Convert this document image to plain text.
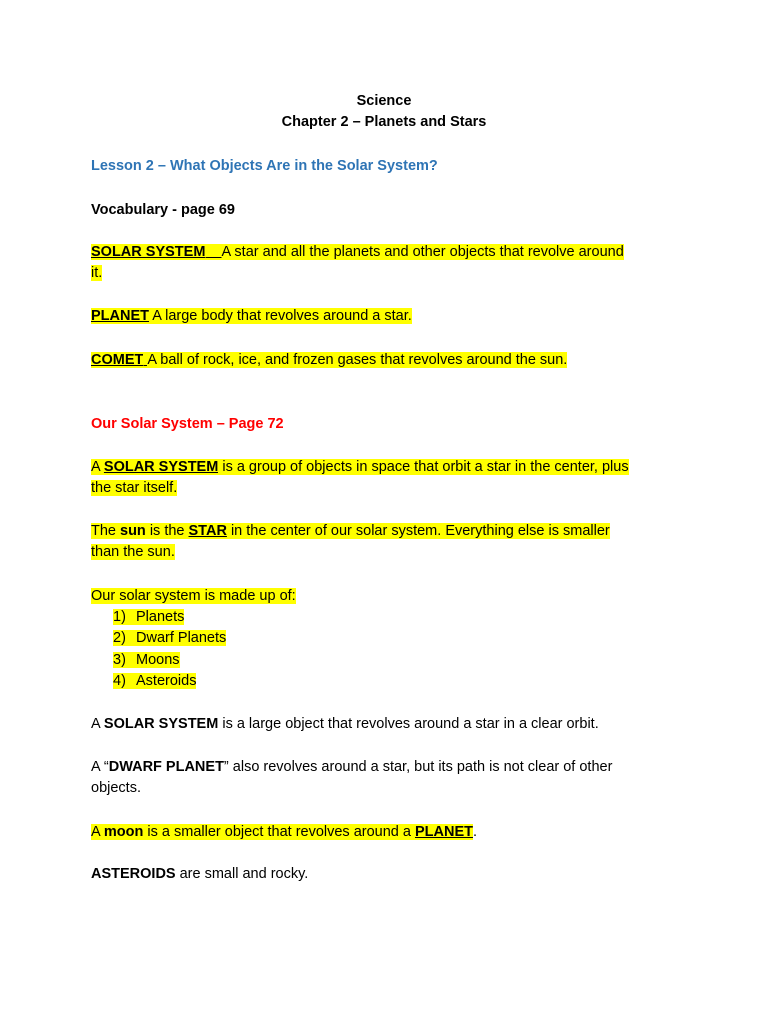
Science
Chapter 2 – Planets and Stars
Lesson 2 – What Objects Are in the Solar System?
Vocabulary - page 69
SOLAR SYSTEM A star and all the planets and other objects that revolve around
it.
PLANET A large body that revolves around a star.
COMET A ball of rock, ice, and frozen gases that revolves around the sun.
Our Solar System – Page 72
A SOLAR SYSTEM is a group of objects in space that orbit a star in the center, plus
the star itself.
The sun is the STAR in the center of our solar system. Everything else is smaller
than the sun.
Our solar system is made up of:
1) Planets
2) Dwarf Planets
3) Moons
4) Asteroids
A SOLAR SYSTEM is a large object that revolves around a star in a clear orbit.
A “DWARF PLANET” also revolves around a star, but its path is not clear of other
objects.
A moon is a smaller object that revolves around a PLANET.
ASTEROIDS are small and rocky.
